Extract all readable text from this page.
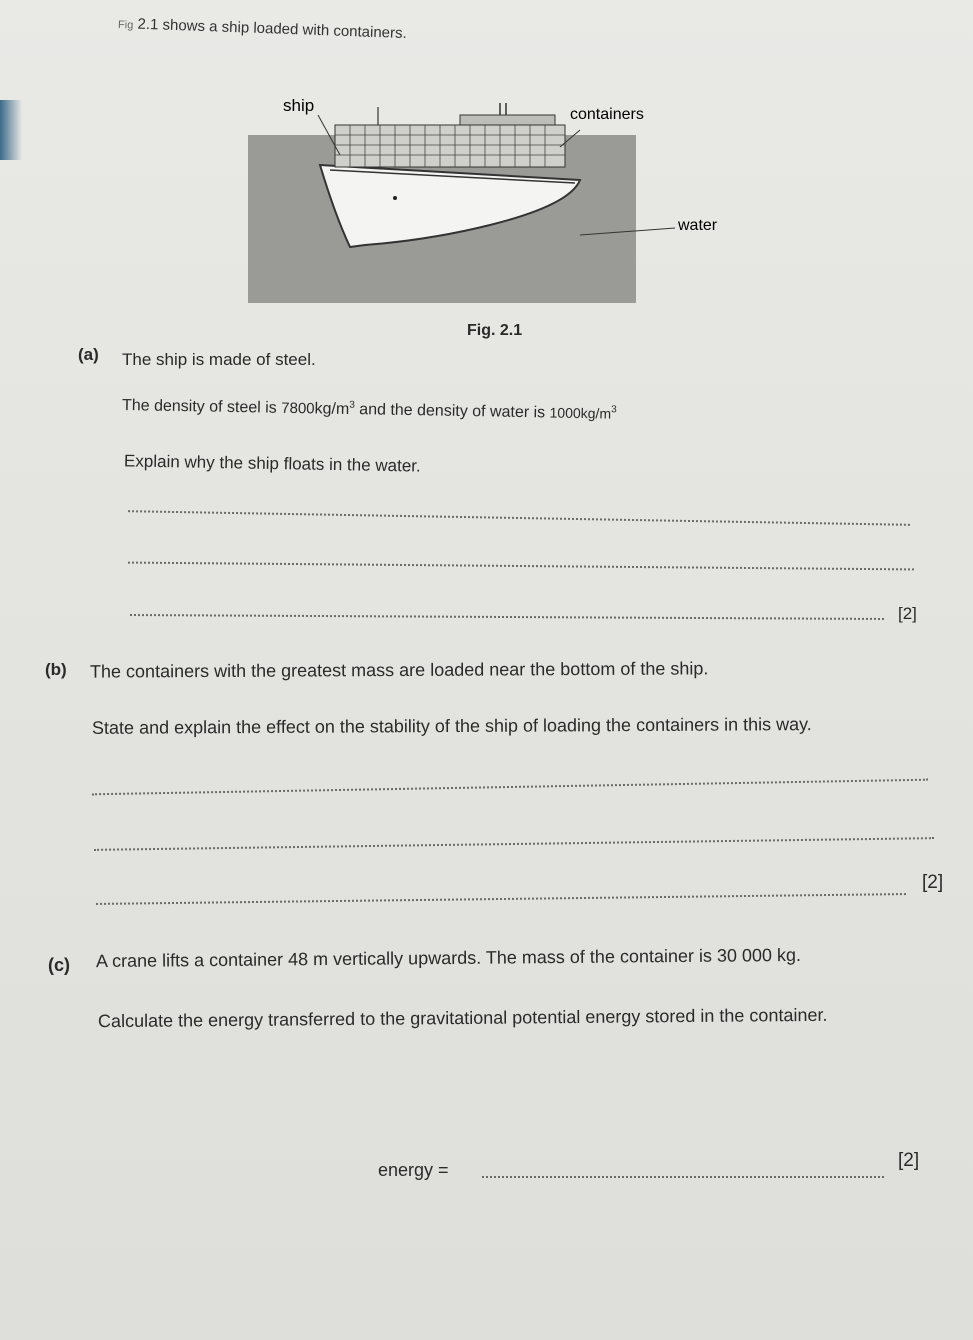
Fig 2.1 shows a ship loaded with containers.
ship	containers
water
Fig. 2.1
(a) The ship is made of steel.
The density of steel is $7800kg/m^3$ and the density of water is $1000kg/m^3$
Explain why the ship floats in the water.
[2]
(b) The containers with the greatest mass are loaded near the bottom of the ship.
State and explain the effect on the stability of the ship of loading the containers in this way.
[2]
(c) A crane lifts a container 48 m vertically upwards. The mass of the container is 30 000 kg.
Calculate the energy transferred to the gravitational potential energy stored in the container.
energy =	[2]
